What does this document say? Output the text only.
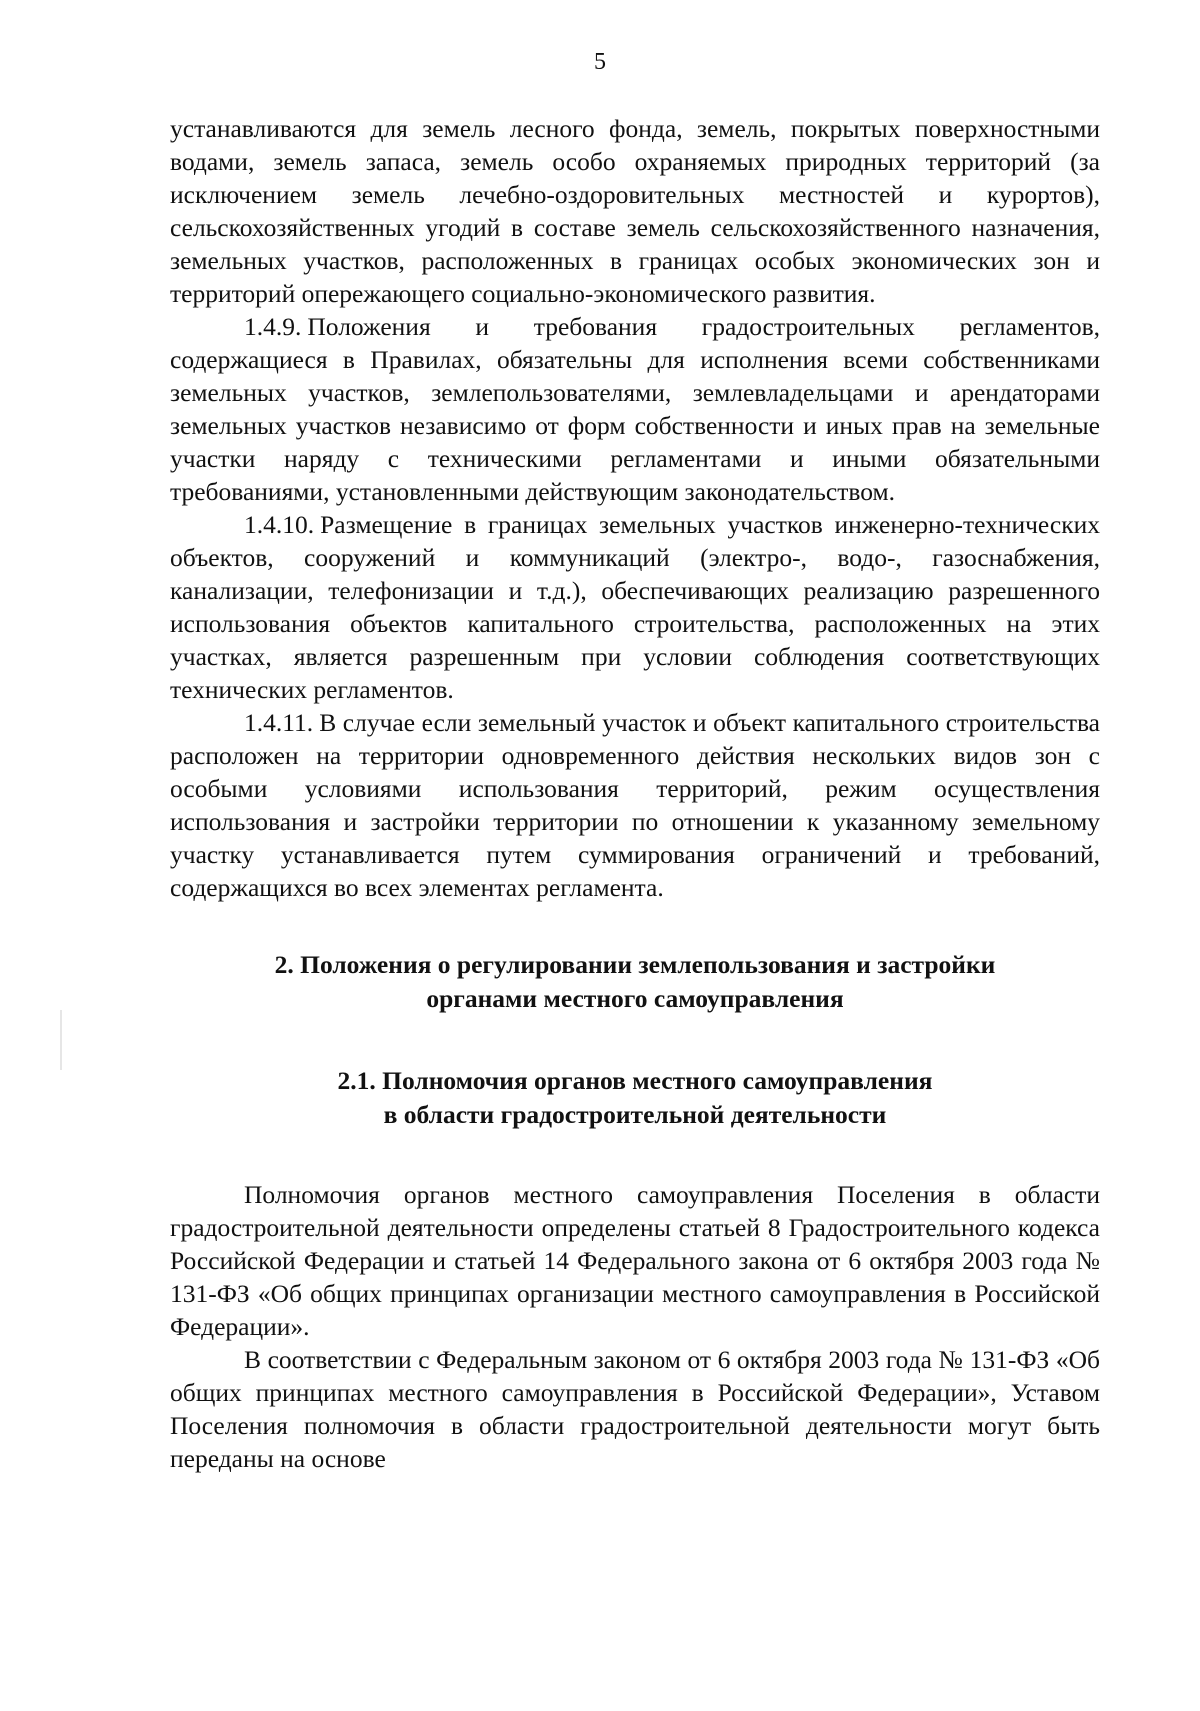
5

устанавливаются для земель лесного фонда, земель, покрытых поверхностными водами, земель запаса, земель особо охраняемых природных территорий (за исключением земель лечебно-оздоровительных местностей и курортов), сельскохозяйственных угодий в составе земель сельскохозяйственного назначения, земельных участков, расположенных в границах особых экономических зон и территорий опережающего социально-экономического развития.

1.4.9. Положения и требования градостроительных регламентов, содержащиеся в Правилах, обязательны для исполнения всеми собственниками земельных участков, землепользователями, землевладельцами и арендаторами земельных участков независимо от форм собственности и иных прав на земельные участки наряду с техническими регламентами и иными обязательными требованиями, установленными действующим законодательством.

1.4.10. Размещение в границах земельных участков инженерно-технических объектов, сооружений и коммуникаций (электро-, водо-, газоснабжения, канализации, телефонизации и т.д.), обеспечивающих реализацию разрешенного использования объектов капитального строительства, расположенных на этих участках, является разрешенным при условии соблюдения соответствующих технических регламентов.

1.4.11. В случае если земельный участок и объект капитального строительства расположен на территории одновременного действия нескольких видов зон с особыми условиями использования территорий, режим осуществления использования и застройки территории по отношении к указанному земельному участку устанавливается путем суммирования ограничений и требований, содержащихся во всех элементах регламента.

2. Положения о регулировании землепользования и застройки
органами местного самоуправления
2.1. Полномочия органов местного самоуправления
в области градостроительной деятельности

Полномочия органов местного самоуправления Поселения в области градостроительной деятельности определены статьей 8 Градостроительного кодекса Российской Федерации и статьей 14 Федерального закона от 6 октября 2003 года № 131-ФЗ «Об общих принципах организации местного самоуправления в Российской Федерации».

В соответствии с Федеральным законом от 6 октября 2003 года № 131-ФЗ «Об общих принципах местного самоуправления в Российской Федерации», Уставом Поселения полномочия в области градостроительной деятельности могут быть переданы на основе
